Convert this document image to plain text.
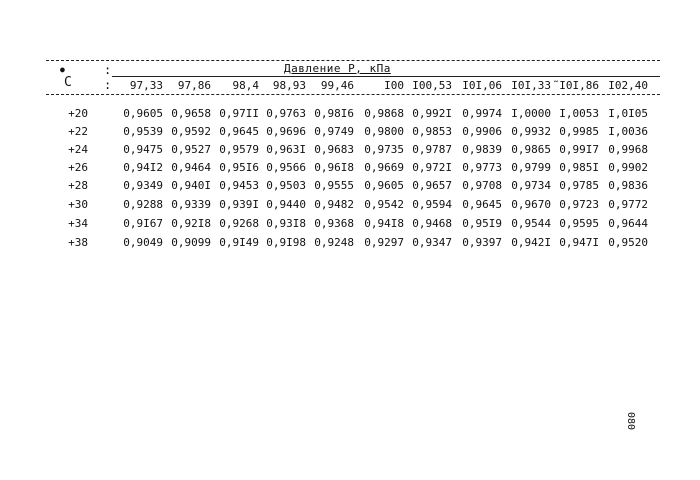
:
:
●
С
Давление P, кПа
97,33	97,86	98,4	98,93	99,46	I00 I00,53 I0I,06 I0I,33 ˜I0I,86 I02,40
+20	0,9605 0,9658 0,97II 0,9763 0,98I6 0,9868 0,992I 0,9974 I,0000 I,0053 I,0I05
+22	0,9539 0,9592 0,9645 0,9696 0,9749 0,9800 0,9853 0,9906 0,9932 0,9985 I,0036
+24	0,9475 0,9527 0,9579 0,963I 0,9683 0,9735 0,9787 0,9839 0,9865 0,99I7 0,9968
+26	0,94I2 0,9464 0,95I6 0,9566 0,96I8 0,9669 0,972I 0,9773 0,9799 0,985I 0,9902
+28	0,9349 0,940I 0,9453 0,9503 0,9555 0,9605 0,9657 0,9708 0,9734 0,9785 0,9836
+30	0,9288 0,9339 0,939I 0,9440 0,9482 0,9542 0,9594 0,9645 0,9670 0,9723 0,9772
+34	0,9I67 0,92I8 0,9268 0,93I8 0,9368 0,94I8 0,9468 0,95I9 0,9544 0,9595 0,9644
+38	0,9049 0,9099 0,9I49 0,9I98 0,9248 0,9297 0,9347 0,9397 0,942I 0,947I 0,9520
080
